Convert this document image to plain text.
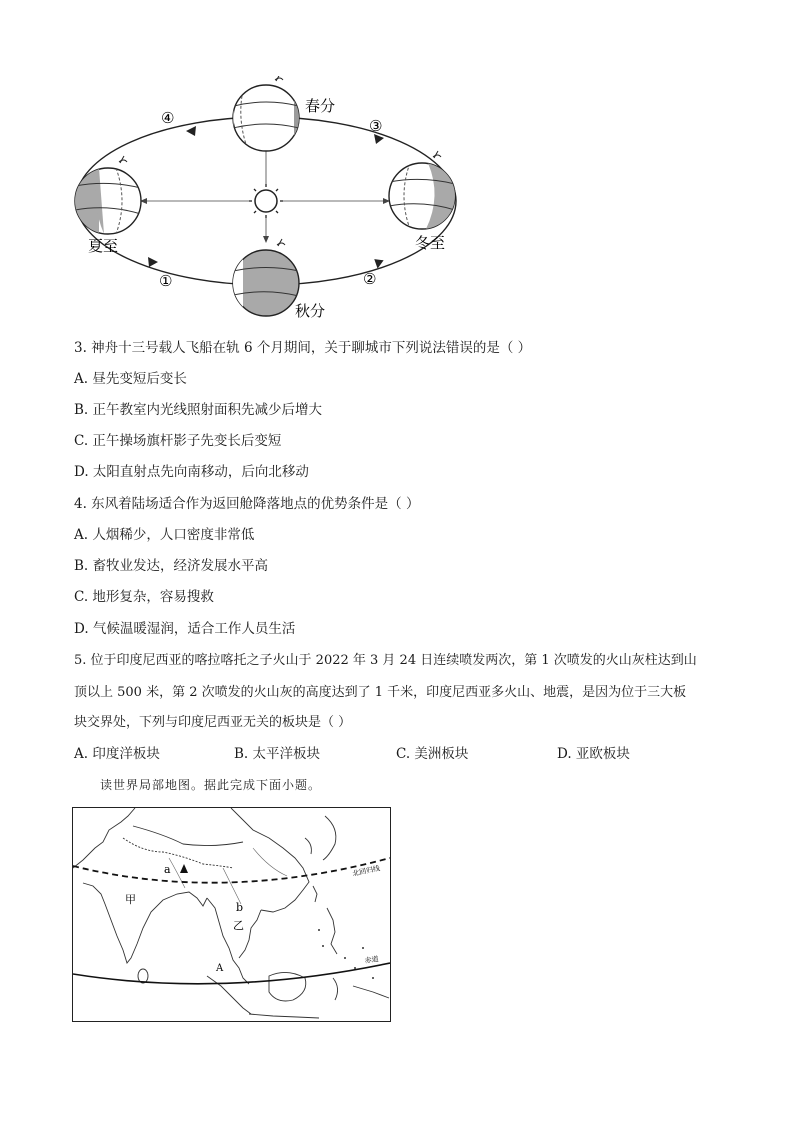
春分
夏至	冬至
秋分
①	②
③
④
3. 神舟十三号载人飞船在轨 6 个月期间，关于聊城市下列说法错误的是（ ）
A. 昼先变短后变长
B. 正午教室内光线照射面积先减少后增大
C. 正午操场旗杆影子先变长后变短
D. 太阳直射点先向南移动，后向北移动
4. 东风着陆场适合作为返回舱降落地点的优势条件是（ ）
A. 人烟稀少，人口密度非常低
B. 畜牧业发达，经济发展水平高
C. 地形复杂，容易搜救
D. 气候温暖湿润，适合工作人员生活
5. 位于印度尼西亚的喀拉喀托之子火山于 2022 年 3 月 24 日连续喷发两次，第 1 次喷发的火山灰柱达到山
顶以上 500 米，第 2 次喷发的火山灰的高度达到了 1 千米，印度尼西亚多火山、地震，是因为位于三大板
块交界处，下列与印度尼西亚无关的板块是（ ）
A. 印度洋板块	B. 太平洋板块	C. 美洲板块	D. 亚欧板块
读世界局部地图。据此完成下面小题。
a
甲
b
乙
A
北回归线
赤道
